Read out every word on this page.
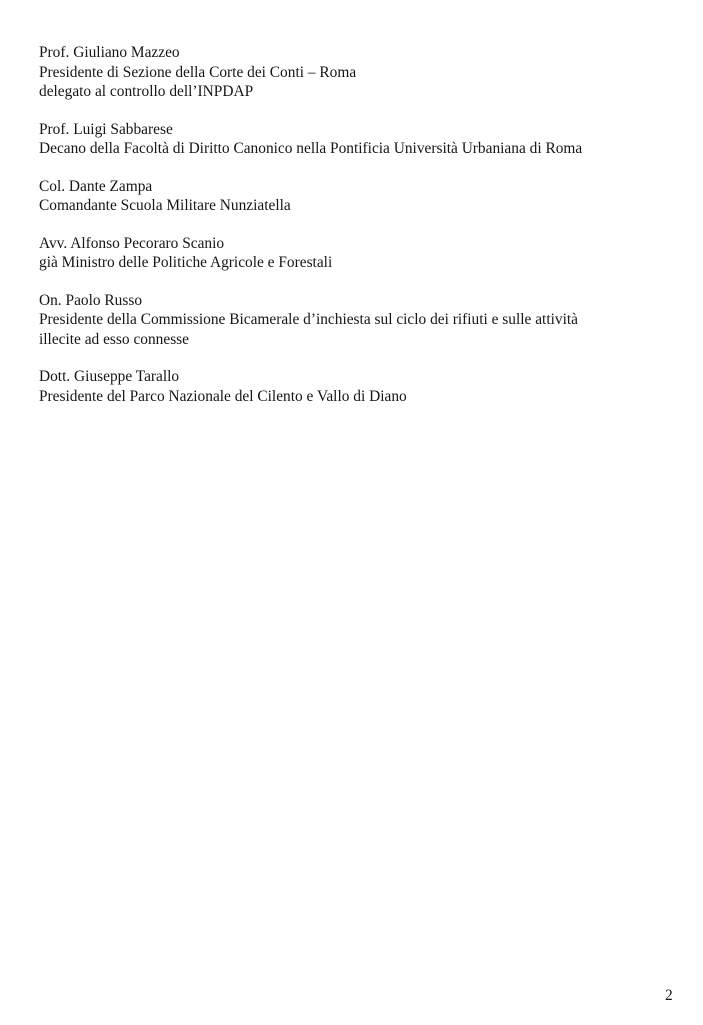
Prof. Giuliano Mazzeo
Presidente di Sezione della Corte dei Conti – Roma
delegato al controllo dell’INPDAP
Prof. Luigi Sabbarese
Decano della Facoltà di Diritto Canonico nella Pontificia Università Urbaniana di Roma
Col. Dante Zampa
Comandante Scuola Militare Nunziatella
Avv. Alfonso Pecoraro Scanio
già Ministro delle Politiche Agricole e Forestali
On. Paolo Russo
Presidente della Commissione Bicamerale d’inchiesta sul ciclo dei rifiuti e sulle attività
illecite ad esso connesse
Dott. Giuseppe Tarallo
Presidente del Parco Nazionale del Cilento e Vallo di Diano
2
